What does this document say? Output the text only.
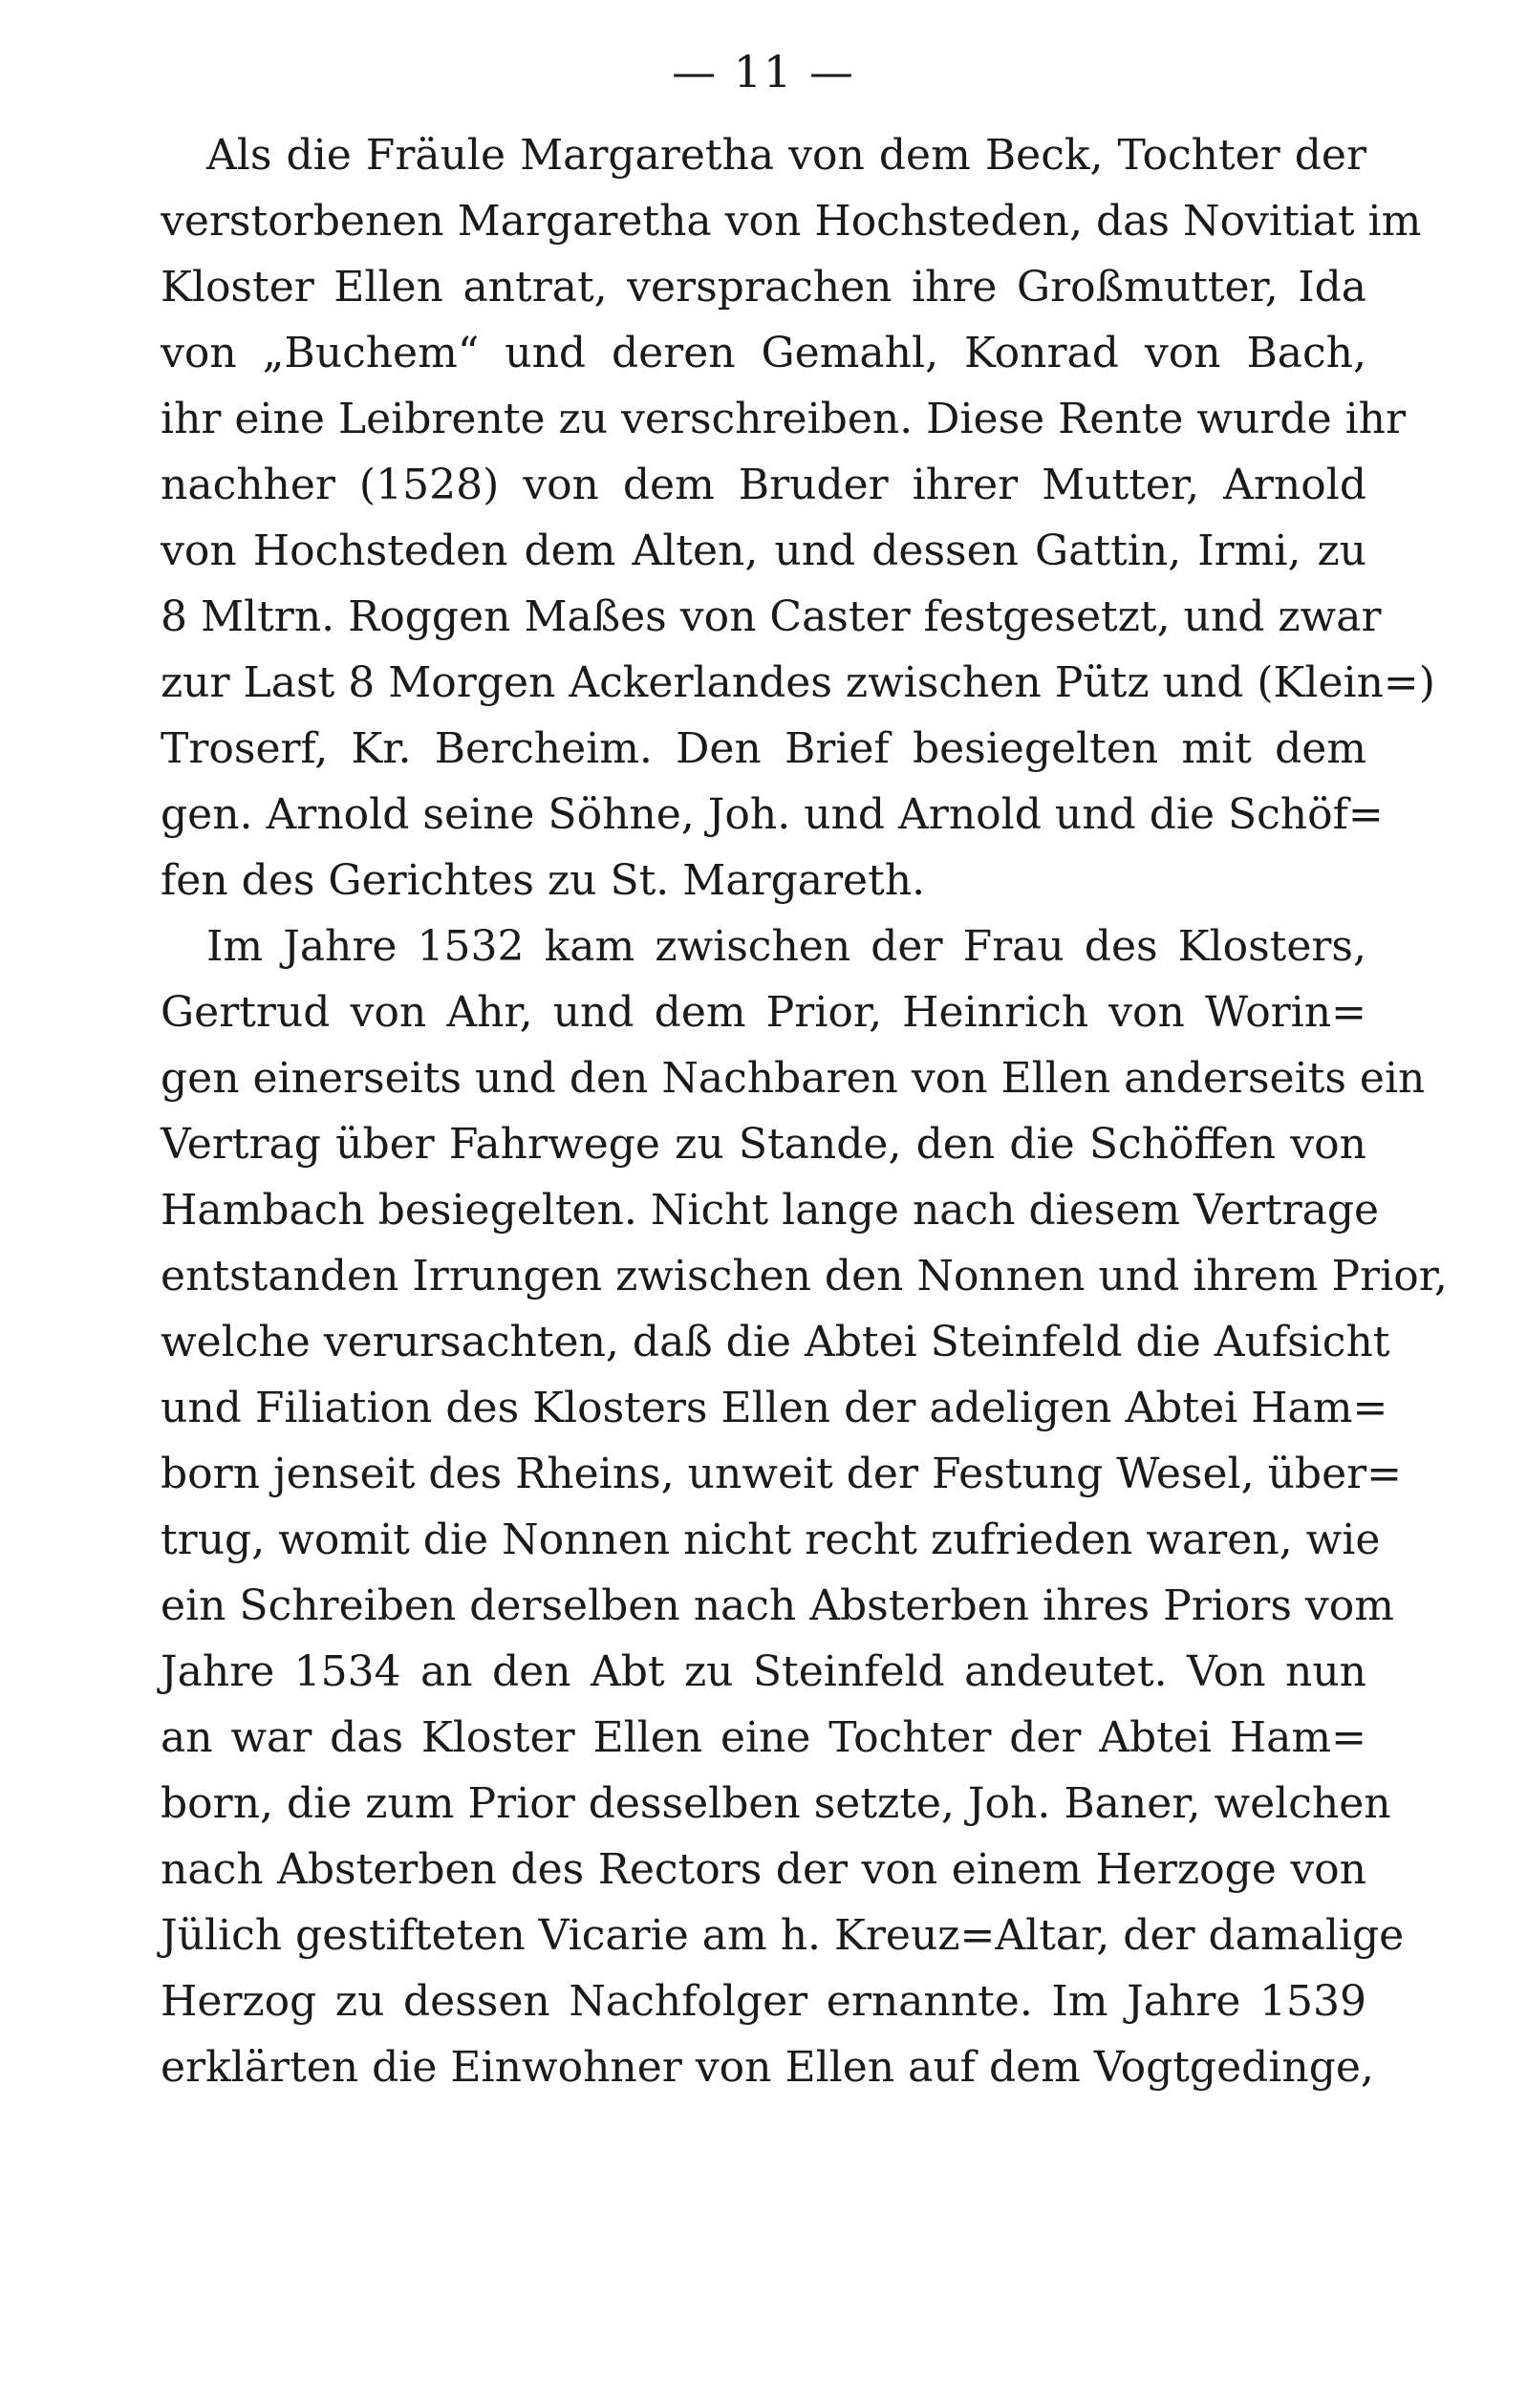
— 11 —
Als die Fräule Margaretha von dem Beck, Tochter der
verstorbenen Margaretha von Hochsteden, das Novitiat im
Kloster Ellen antrat, versprachen ihre Großmutter, Ida
von „Buchem“ und deren Gemahl, Konrad von Bach,
ihr eine Leibrente zu verschreiben. Diese Rente wurde ihr
nachher (1528) von dem Bruder ihrer Mutter, Arnold
von Hochsteden dem Alten, und dessen Gattin, Irmi, zu
8 Mltrn. Roggen Maßes von Caster festgesetzt, und zwar
zur Last 8 Morgen Ackerlandes zwischen Pütz und (Klein=)
Troserf, Kr. Bercheim. Den Brief besiegelten mit dem
gen. Arnold seine Söhne, Joh. und Arnold und die Schöf=
fen des Gerichtes zu St. Margareth.
Im Jahre 1532 kam zwischen der Frau des Klosters,
Gertrud von Ahr, und dem Prior, Heinrich von Worin=
gen einerseits und den Nachbaren von Ellen anderseits ein
Vertrag über Fahrwege zu Stande, den die Schöffen von
Hambach besiegelten. Nicht lange nach diesem Vertrage
entstanden Irrungen zwischen den Nonnen und ihrem Prior,
welche verursachten, daß die Abtei Steinfeld die Aufsicht
und Filiation des Klosters Ellen der adeligen Abtei Ham=
born jenseit des Rheins, unweit der Festung Wesel, über=
trug, womit die Nonnen nicht recht zufrieden waren, wie
ein Schreiben derselben nach Absterben ihres Priors vom
Jahre 1534 an den Abt zu Steinfeld andeutet. Von nun
an war das Kloster Ellen eine Tochter der Abtei Ham=
born, die zum Prior desselben setzte, Joh. Baner, welchen
nach Absterben des Rectors der von einem Herzoge von
Jülich gestifteten Vicarie am h. Kreuz=Altar, der damalige
Herzog zu dessen Nachfolger ernannte. Im Jahre 1539
erklärten die Einwohner von Ellen auf dem Vogtgedinge,
